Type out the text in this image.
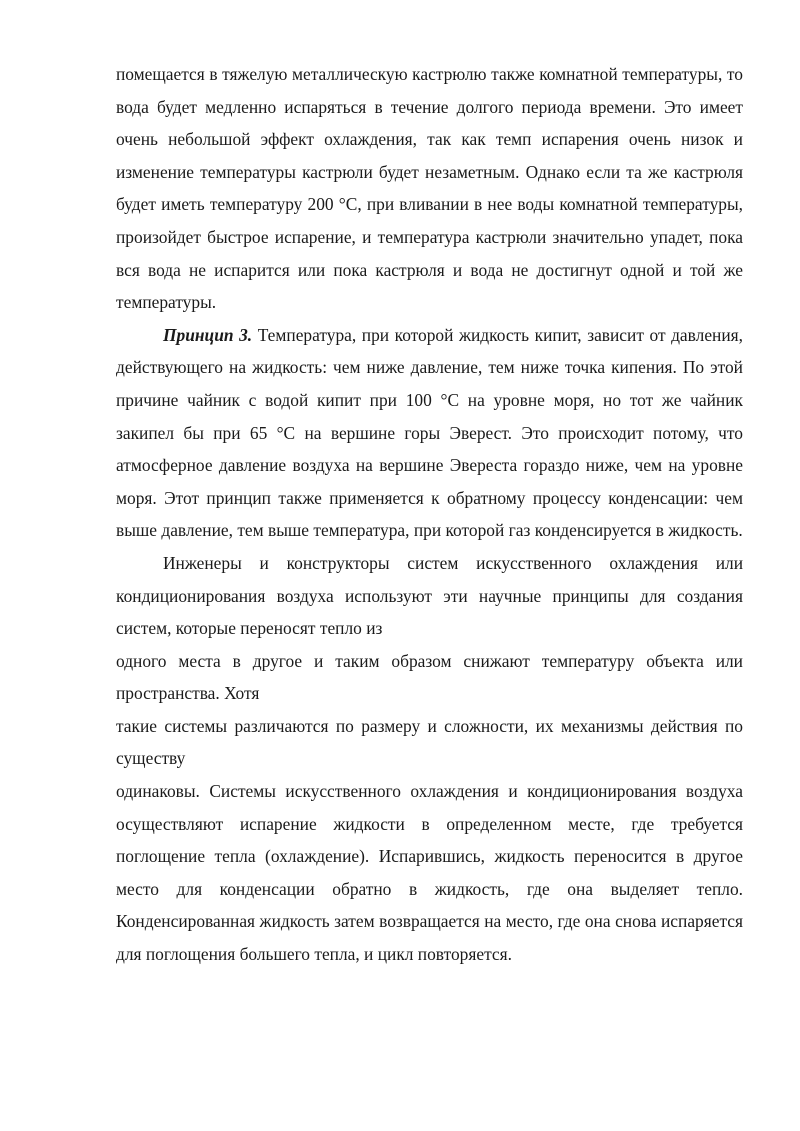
помещается в тяжелую металлическую кастрюлю также комнатной температуры, то вода будет медленно испаряться в течение долгого периода времени. Это имеет очень небольшой эффект охлаждения, так как темп испарения очень низок и изменение температуры кастрюли будет незаметным. Однако если та же кастрюля будет иметь температуру 200 °С, при вливании в нее воды комнатной температуры, произойдет быстрое испарение, и температура кастрюли значительно упадет, пока вся вода не испарится или пока кастрюля и вода не достигнут одной и той же температуры.

Принцип 3. Температура, при которой жидкость кипит, зависит от давления, действующего на жидкость: чем ниже давление, тем ниже точка кипения. По этой причине чайник с водой кипит при 100 °С на уровне моря, но тот же чайник закипел бы при 65 °С на вершине горы Эверест. Это происходит потому, что атмосферное давление воздуха на вершине Эвереста гораздо ниже, чем на уровне моря. Этот принцип также применяется к обратному процессу конденсации: чем выше давление, тем выше температура, при которой газ конденсируется в жидкость.

Инженеры и конструкторы систем искусственного охлаждения или кондиционирования воздуха используют эти научные принципы для создания систем, которые переносят тепло из

одного места в другое и таким образом снижают температуру объекта или пространства. Хотя

такие системы различаются по размеру и сложности, их механизмы действия по существу

одинаковы. Системы искусственного охлаждения и кондиционирования воздуха осуществляют испарение жидкости в определенном месте, где требуется поглощение тепла (охлаждение). Испарившись, жидкость переносится в другое место для конденсации обратно в жидкость, где она выделяет тепло. Конденсированная жидкость затем возвращается на место, где она снова испаряется для поглощения большего тепла, и цикл повторяется.
